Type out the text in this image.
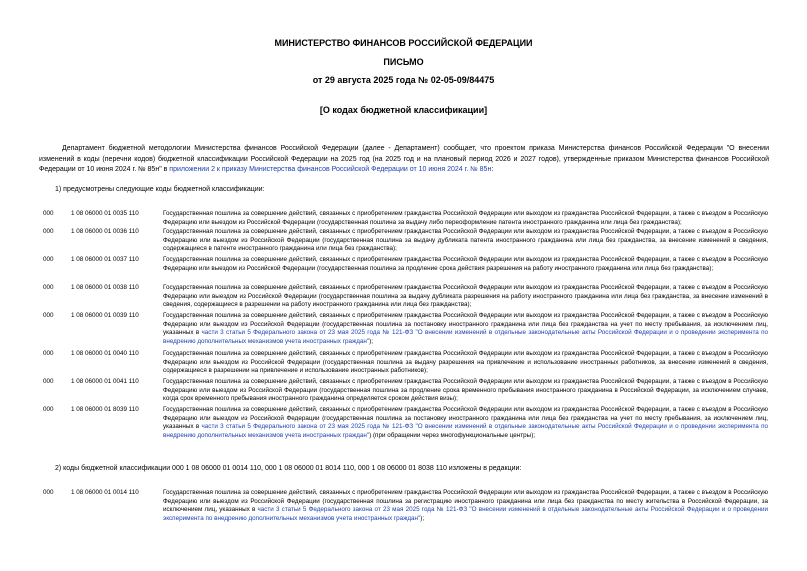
МИНИСТЕРСТВО ФИНАНСОВ РОССИЙСКОЙ ФЕДЕРАЦИИ
ПИСЬМО
от 29 августа 2025 года № 02-05-09/84475
[О кодах бюджетной классификации]

Департамент бюджетной методологии Министерства финансов Российской Федерации (далее - Департамент) сообщает, что проектом приказа Министерства финансов Российской Федерации "О внесении изменений в коды (перечни кодов) бюджетной классификации Российской Федерации на 2025 год (на 2025 год и на плановый период 2026 и 2027 годов), утвержденные приказом Министерства финансов Российской Федерации от 10 июня 2024 г. № 85н" в приложении 2 к приказу Министерства финансов Российской Федерации от 10 июня 2024 г. № 85н:

1) предусмотрены следующие коды бюджетной классификации:
000	1 08 06000 01 0035 110	Государственная пошлина за совершение действий, связанных с приобретением гражданства Российской Федерации или выходом из гражданства Российской Федерации, а также с въездом в Российскую Федерацию или выездом из Российской Федерации (государственная пошлина за выдачу либо переоформление патента иностранного гражданина или лица без гражданства);
000	1 08 06000 01 0036 110	Государственная пошлина за совершение действий, связанных с приобретением гражданства Российской Федерации или выходом из гражданства Российской Федерации, а также с въездом в Российскую Федерацию или выездом из Российской Федерации (государственная пошлина за выдачу дубликата патента иностранного гражданина или лица без гражданства, за внесение изменений в сведения, содержащиеся в патенте иностранного гражданина или лица без гражданства);
000	1 08 06000 01 0037 110	Государственная пошлина за совершение действий, связанных с приобретением гражданства Российской Федерации или выходом из гражданства Российской Федерации, а также с въездом в Российскую Федерацию или выездом из Российской Федерации (государственная пошлина за продление срока действия разрешения на работу иностранного гражданина или лица без гражданства);
000	1 08 06000 01 0038 110	Государственная пошлина за совершение действий, связанных с приобретением гражданства Российской Федерации или выходом из гражданства Российской Федерации, а также с въездом в Российскую Федерацию или выездом из Российской Федерации (государственная пошлина за выдачу дубликата разрешения на работу иностранного гражданина или лица без гражданства, за внесение изменений в сведения, содержащиеся в разрешении на работу иностранного гражданина или лица без гражданства);
000	1 08 06000 01 0039 110	Государственная пошлина за совершение действий, связанных с приобретением гражданства Российской Федерации или выходом из гражданства Российской Федерации, а также с въездом в Российскую Федерацию или выездом из Российской Федерации (государственная пошлина за постановку иностранного гражданина или лица без гражданства на учет по месту пребывания, за исключением лиц, указанных в части 3 статьи 5 Федерального закона от 23 мая 2025 года № 121-ФЗ "О внесении изменений в отдельные законодательные акты Российской Федерации и о проведении эксперимента по внедрению дополнительных механизмов учета иностранных граждан");
000	1 08 06000 01 0040 110	Государственная пошлина за совершение действий, связанных с приобретением гражданства Российской Федерации или выходом из гражданства Российской Федерации, а также с въездом в Российскую Федерацию или выездом из Российской Федерации (государственная пошлина за выдачу разрешения на привлечение и использование иностранных работников, за внесение изменений в сведения, содержащиеся в разрешении на привлечение и использование иностранных работников);
000	1 08 06000 01 0041 110	Государственная пошлина за совершение действий, связанных с приобретением гражданства Российской Федерации или выходом из гражданства Российской Федерации, а также с въездом в Российскую Федерацию или выездом из Российской Федерации (государственная пошлина за продление срока временного пребывания иностранного гражданина в Российской Федерации, за исключением случаев, когда срок временного пребывания иностранного гражданина определяется сроком действия визы);
000	1 08 06000 01 8039 110	Государственная пошлина за совершение действий, связанных с приобретением гражданства Российской Федерации или выходом из гражданства Российской Федерации, а также с въездом в Российскую Федерацию или выездом из Российской Федерации (государственная пошлина за постановку иностранного гражданина или лица без гражданства на учет по месту пребывания, за исключением лиц, указанных в части 3 статьи 5 Федерального закона от 23 мая 2025 года № 121-ФЗ "О внесении изменений в отдельные законодательные акты Российской Федерации и о проведении эксперимента по внедрению дополнительных механизмов учета иностранных граждан") (при обращении через многофункциональные центры);
2) коды бюджетной классификации 000 1 08 06000 01 0014 110, 000 1 08 06000 01 8014 110, 000 1 08 06000 01 8038 110 изложены в редакции:
000	1 08 06000 01 0014 110	Государственная пошлина за совершение действий, связанных с приобретением гражданства Российской Федерации или выходом из гражданства Российской Федерации, а также с въездом в Российскую Федерацию или выездом из Российской Федерации (государственная пошлина за регистрацию иностранного гражданина или лица без гражданства по месту жительства в Российской Федерации, за исключением лиц, указанных в части 3 статьи 5 Федерального закона от 23 мая 2025 года № 121-ФЗ "О внесении изменений в отдельные законодательные акты Российской Федерации и о проведении эксперимента по внедрению дополнительных механизмов учета иностранных граждан");
